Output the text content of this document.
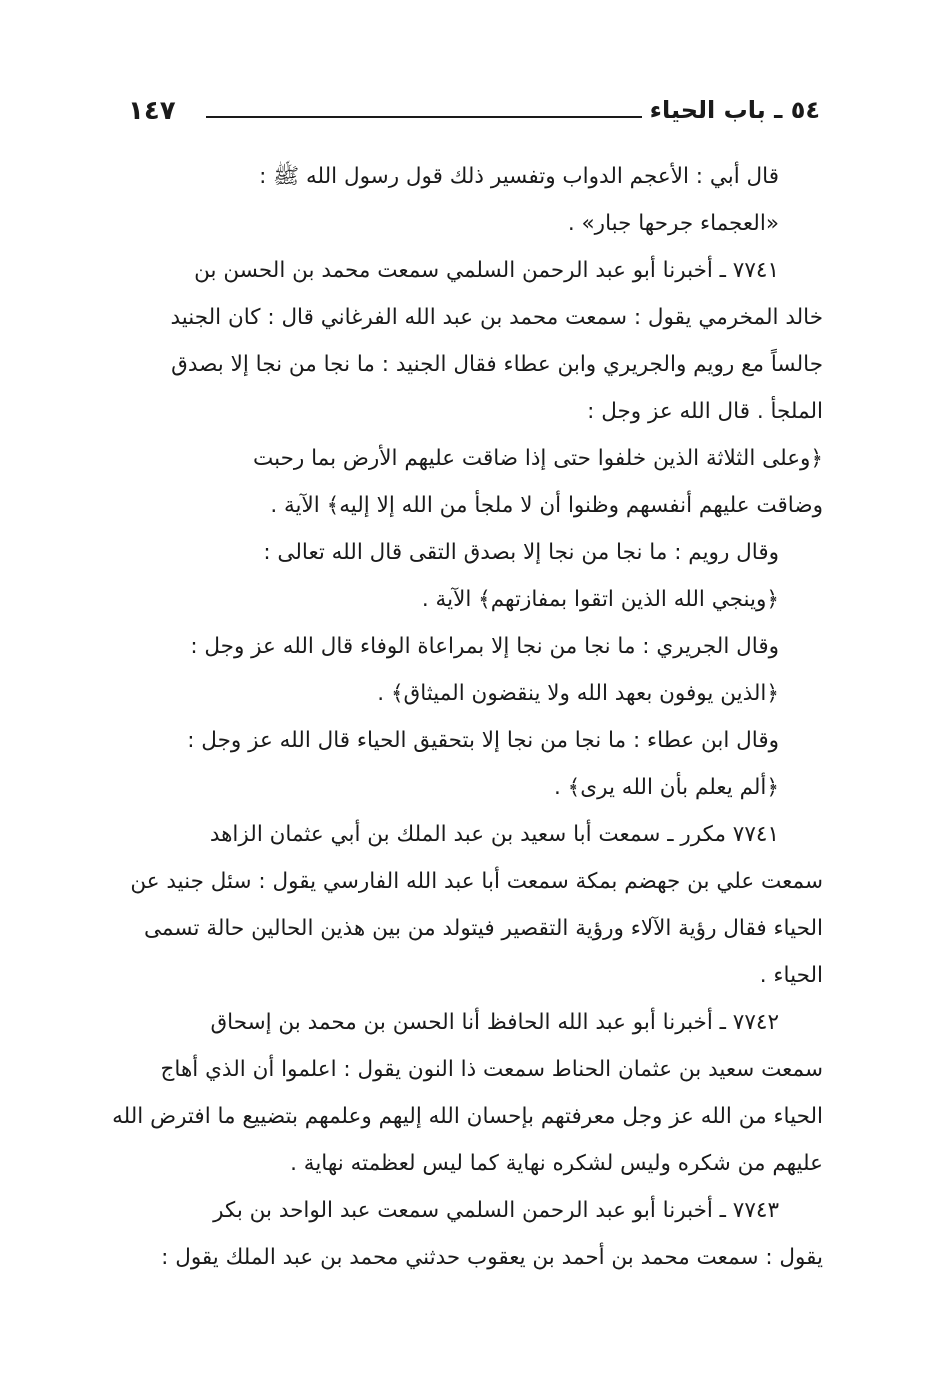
٥٤ ـ باب الحياء
١٤٧
قال أبي : الأعجم الدواب وتفسير ذلك قول رسول الله ﷺ :
«العجماء جرحها جبار» .
٧٧٤١ ـ أخبرنا أبو عبد الرحمن السلمي سمعت محمد بن الحسن بن
خالد المخرمي يقول : سمعت محمد بن عبد الله الفرغاني قال : كان الجنيد
جالساً مع رويم والجريري وابن عطاء فقال الجنيد : ما نجا من نجا إلا بصدق
الملجأ . قال الله عز وجل :
﴿وعلى الثلاثة الذين خلفوا حتى إذا ضاقت عليهم الأرض بما رحبت
وضاقت عليهم أنفسهم وظنوا أن لا ملجأ من الله إلا إليه﴾ الآية .
وقال رويم : ما نجا من نجا إلا بصدق التقى قال الله تعالى :
﴿وينجي الله الذين اتقوا بمفازتهم﴾ الآية .
وقال الجريري : ما نجا من نجا إلا بمراعاة الوفاء قال الله عز وجل :
﴿الذين يوفون بعهد الله ولا ينقضون الميثاق﴾ .
وقال ابن عطاء : ما نجا من نجا إلا بتحقيق الحياء قال الله عز وجل :
﴿ألم يعلم بأن الله يرى﴾ .
٧٧٤١ مكرر ـ سمعت أبا سعيد بن عبد الملك بن أبي عثمان الزاهد
سمعت علي بن جهضم بمكة سمعت أبا عبد الله الفارسي يقول : سئل جنيد عن
الحياء فقال رؤية الآلاء ورؤية التقصير فيتولد من بين هذين الحالين حالة تسمى
الحياء .
٧٧٤٢ ـ أخبرنا أبو عبد الله الحافظ أنا الحسن بن محمد بن إسحاق
سمعت سعيد بن عثمان الحناط سمعت ذا النون يقول : اعلموا أن الذي أهاج
الحياء من الله عز وجل معرفتهم بإحسان الله إليهم وعلمهم بتضييع ما افترض الله
عليهم من شكره وليس لشكره نهاية كما ليس لعظمته نهاية .
٧٧٤٣ ـ أخبرنا أبو عبد الرحمن السلمي سمعت عبد الواحد بن بكر
يقول : سمعت محمد بن أحمد بن يعقوب حدثني محمد بن عبد الملك يقول :
